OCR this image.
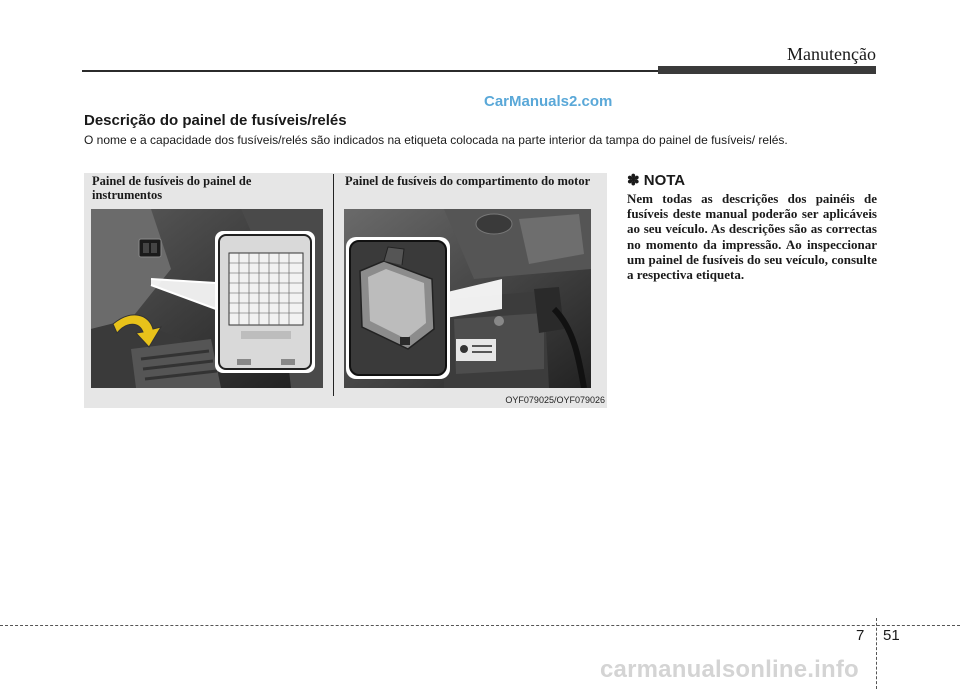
Manutenção
CarManuals2.com
Descrição do painel de fusíveis/relés
O nome e a capacidade dos fusíveis/relés são indicados na etiqueta colocada na parte interior da tampa do painel de fusíveis/ relés.
Painel de fusíveis do painel de instrumentos
Painel de fusíveis do compartimento do motor
OYF079025/OYF079026
✽ NOTA
Nem todas as descrições dos painéis de fusíveis deste manual poderão ser aplicáveis ao seu veículo. As descrições são as correctas no momento da impressão. Ao inspeccionar um painel de fusíveis do seu veículo, consulte a respectiva etiqueta.
7 51
carmanualsonline.info
